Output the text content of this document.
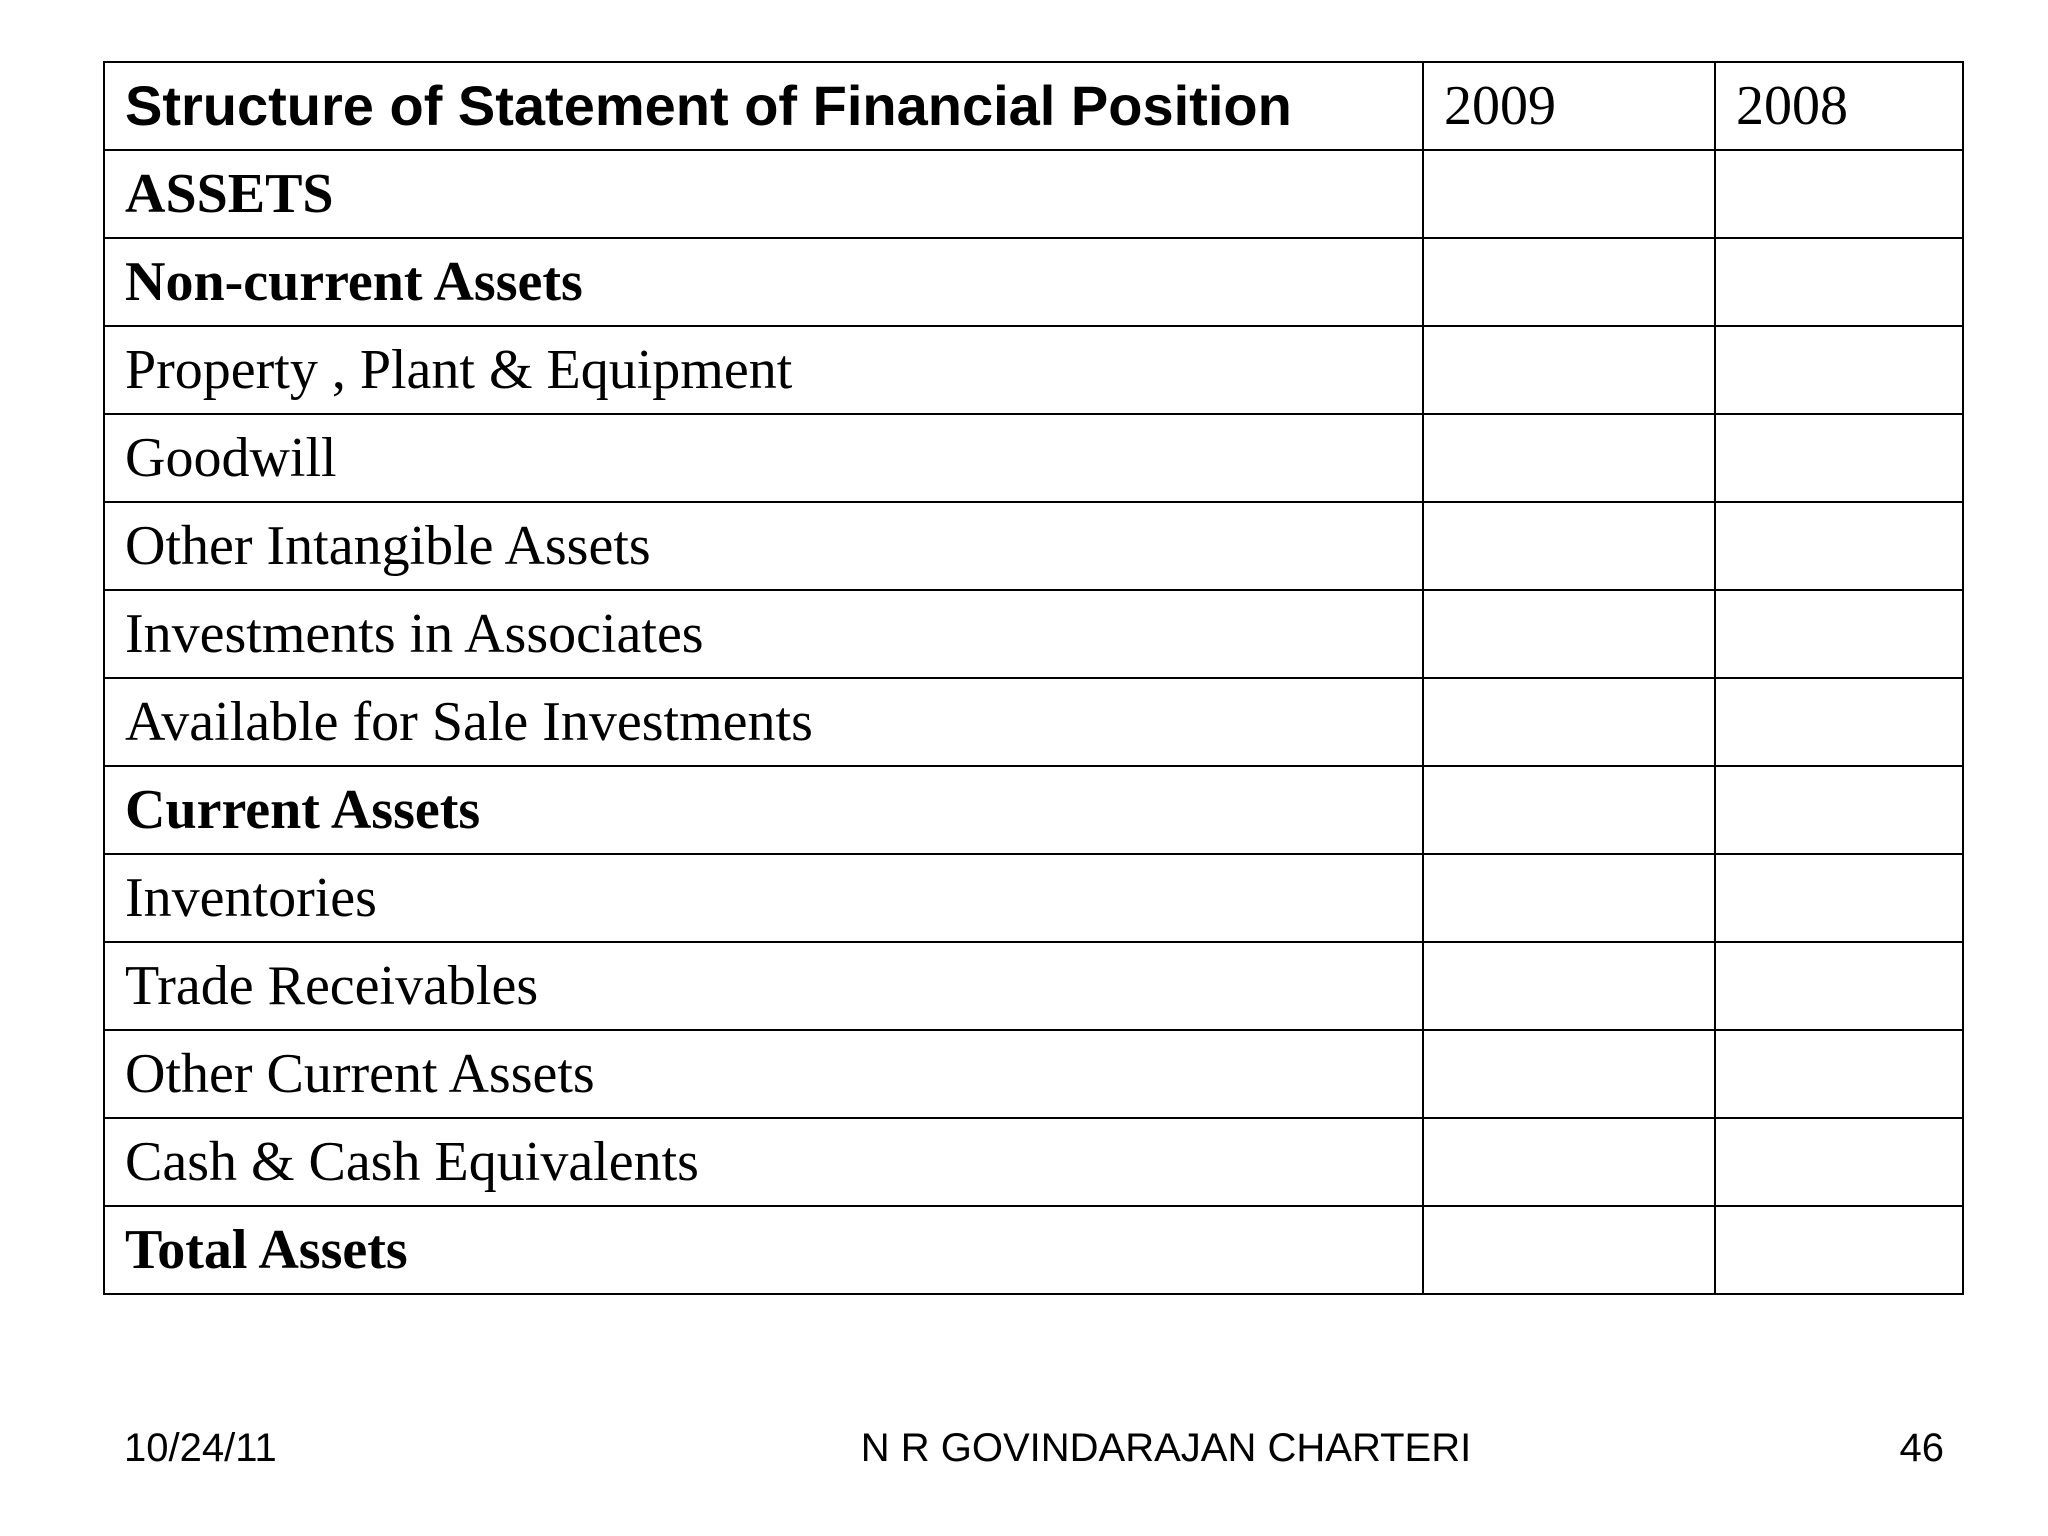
Structure of Statement of Financial Position	2009	2008
ASSETS		
Non-current Assets		
Property , Plant & Equipment		
Goodwill		
Other Intangible Assets		
Investments in Associates		
Available for Sale Investments		
Current Assets		
Inventories		
Trade Receivables		
Other Current Assets		
Cash & Cash Equivalents		
Total Assets		
10/24/11	N R GOVINDARAJAN CHARTERI	46
